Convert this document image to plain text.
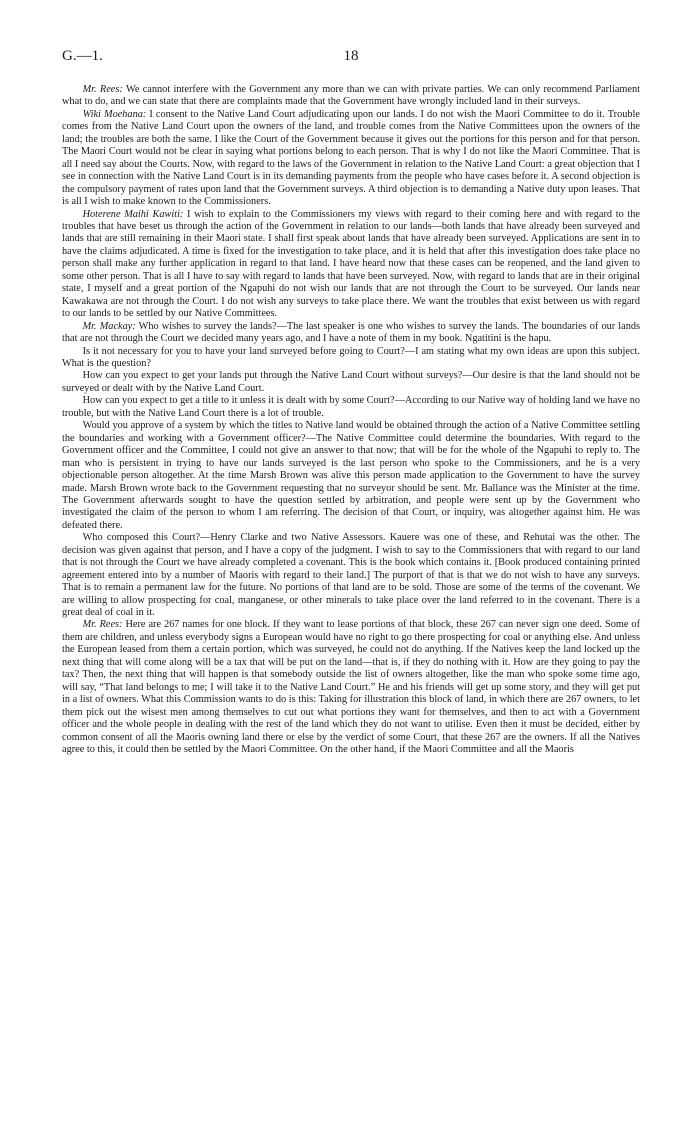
G.—1.	18

Mr. Rees: We cannot interfere with the Government any more than we can with private parties. We can only recommend Parliament what to do, and we can state that there are complaints made that the Government have wrongly included land in their surveys.

Wiki Moehana: I consent to the Native Land Court adjudicating upon our lands. I do not wish the Maori Committee to do it. Trouble comes from the Native Land Court upon the owners of the land, and trouble comes from the Native Committees upon the owners of the land; the troubles are both the same. I like the Court of the Government because it gives out the portions for this person and for that person. The Maori Court would not be clear in saying what portions belong to each person. That is why I do not like the Maori Committee. That is all I need say about the Courts. Now, with regard to the laws of the Government in relation to the Native Land Court: a great objection that I see in connection with the Native Land Court is in its demanding payments from the people who have cases before it. A second objection is the compulsory payment of rates upon land that the Government surveys. A third objection is to demanding a Native duty upon leases. That is all I wish to make known to the Commissioners.

Hoterene Maihi Kawiti: I wish to explain to the Commissioners my views with regard to their coming here and with regard to the troubles that have beset us through the action of the Government in relation to our lands—both lands that have already been surveyed and lands that are still remaining in their Maori state. I shall first speak about lands that have already been surveyed. Applications are sent in to have the claims adjudicated. A time is fixed for the investigation to take place, and it is held that after this investigation does take place no person shall make any further application in regard to that land. I have heard now that these cases can be reopened, and the land given to some other person. That is all I have to say with regard to lands that have been surveyed. Now, with regard to lands that are in their original state, I myself and a great portion of the Ngapuhi do not wish our lands that are not through the Court to be surveyed. Our lands near Kawakawa are not through the Court. I do not wish any surveys to take place there. We want the troubles that exist between us with regard to our lands to be settled by our Native Committees.

Mr. Mackay: Who wishes to survey the lands?—The last speaker is one who wishes to survey the lands. The boundaries of our lands that are not through the Court we decided many years ago, and I have a note of them in my book. Ngatitini is the hapu.

Is it not necessary for you to have your land surveyed before going to Court?—I am stating what my own ideas are upon this subject. What is the question?

How can you expect to get your lands put through the Native Land Court without surveys?—Our desire is that the land should not be surveyed or dealt with by the Native Land Court.

How can you expect to get a title to it unless it is dealt with by some Court?—According to our Native way of holding land we have no trouble, but with the Native Land Court there is a lot of trouble.

Would you approve of a system by which the titles to Native land would be obtained through the action of a Native Committee settling the boundaries and working with a Government officer?—The Native Committee could determine the boundaries. With regard to the Government officer and the Committee, I could not give an answer to that now; that will be for the whole of the Ngapuhi to reply to. The man who is persistent in trying to have our lands surveyed is the last person who spoke to the Commissioners, and he is a very objectionable person altogether. At the time Marsh Brown was alive this person made application to the Government to have the survey made. Marsh Brown wrote back to the Government requesting that no surveyor should be sent. Mr. Ballance was the Minister at the time. The Government afterwards sought to have the question settled by arbitration, and people were sent up by the Government who investigated the claim of the person to whom I am referring. The decision of that Court, or inquiry, was altogether against him. He was defeated there.

Who composed this Court?—Henry Clarke and two Native Assessors. Kauere was one of these, and Rehutai was the other. The decision was given against that person, and I have a copy of the judgment. I wish to say to the Commissioners that with regard to our land that is not through the Court we have already completed a covenant. This is the book which contains it. [Book produced containing printed agreement entered into by a number of Maoris with regard to their land.] The purport of that is that we do not wish to have any surveys. That is to remain a permanent law for the future. No portions of that land are to be sold. Those are some of the terms of the covenant. We are willing to allow prospecting for coal, manganese, or other minerals to take place over the land referred to in the covenant. There is a great deal of coal in it.

Mr. Rees: Here are 267 names for one block. If they want to lease portions of that block, these 267 can never sign one deed. Some of them are children, and unless everybody signs a European would have no right to go there prospecting for coal or anything else. And unless the European leased from them a certain portion, which was surveyed, he could not do anything. If the Natives keep the land locked up the next thing that will come along will be a tax that will be put on the land—that is, if they do nothing with it. How are they going to pay the tax? Then, the next thing that will happen is that somebody outside the list of owners altogether, like the man who spoke some time ago, will say, “That land belongs to me; I will take it to the Native Land Court.” He and his friends will get up some story, and they will get put in a list of owners. What this Commission wants to do is this: Taking for illustration this block of land, in which there are 267 owners, to let them pick out the wisest men among themselves to cut out what portions they want for themselves, and then to act with a Government officer and the whole people in dealing with the rest of the land which they do not want to utilise. Even then it must be decided, either by common consent of all the Maoris owning land there or else by the verdict of some Court, that these 267 are the owners. If all the Natives agree to this, it could then be settled by the Maori Committee. On the other hand, if the Maori Committee and all the Maoris
